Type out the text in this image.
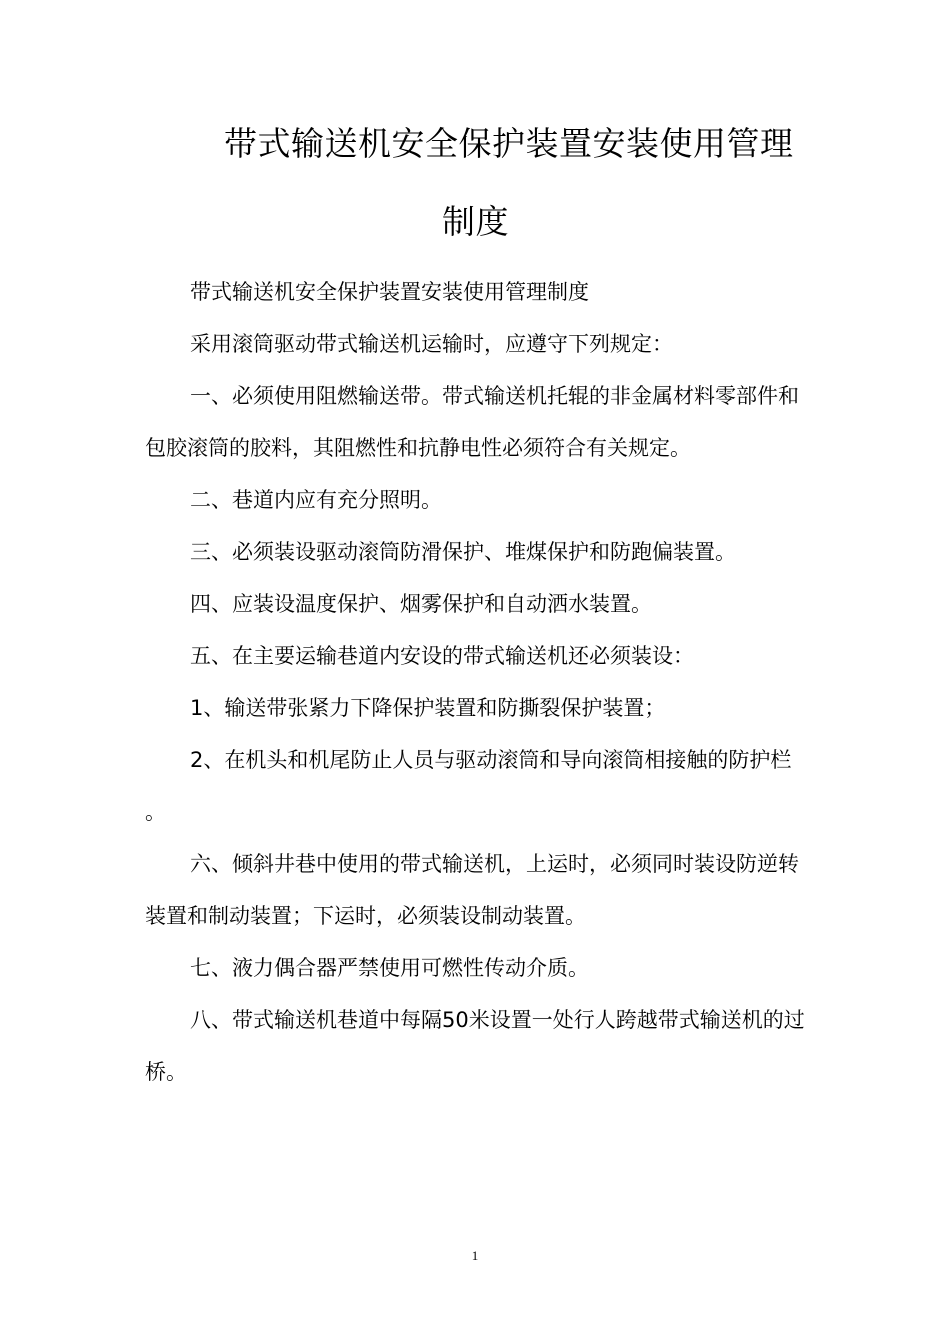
带式输送机安全保护装置安装使用管理
制度

带式输送机安全保护装置安装使用管理制度

采用滚筒驱动带式输送机运输时，应遵守下列规定：

一、必须使用阻燃输送带。带式输送机托辊的非金属材料零部件和包胶滚筒的胶料，其阻燃性和抗静电性必须符合有关规定。

二、巷道内应有充分照明。

三、必须装设驱动滚筒防滑保护、堆煤保护和防跑偏装置。

四、应装设温度保护、烟雾保护和自动洒水装置。

五、在主要运输巷道内安设的带式输送机还必须装设：

1、输送带张紧力下降保护装置和防撕裂保护装置；

2、在机头和机尾防止人员与驱动滚筒和导向滚筒相接触的防护栏。

六、倾斜井巷中使用的带式输送机，上运时，必须同时装设防逆转装置和制动装置；下运时，必须装设制动装置。

七、液力偶合器严禁使用可燃性传动介质。

八、带式输送机巷道中每隔50米设置一处行人跨越带式输送机的过桥。

1
